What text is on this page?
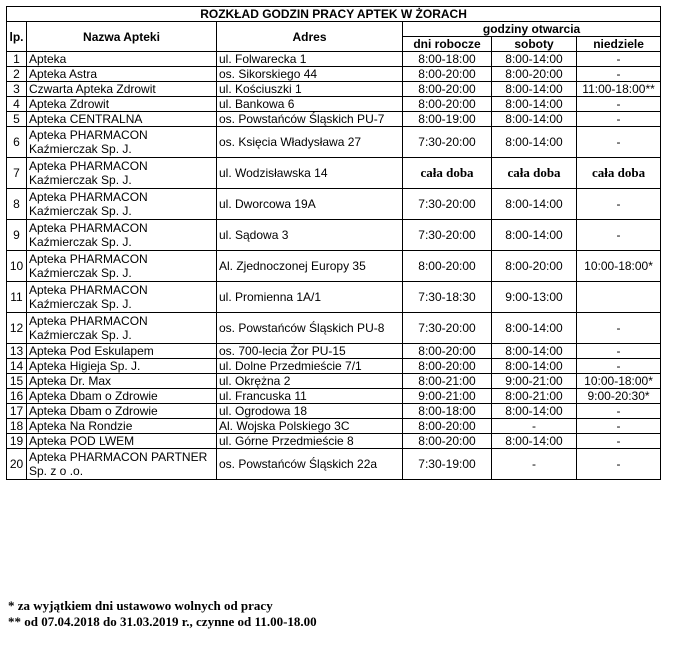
ROZKŁAD GODZIN PRACY APTEK W ŻORACH					
lp.	Nazwa Apteki	Adres	godziny otwarcia		
			dni robocze	soboty	niedziele
1	Apteka	ul. Folwarecka 1	8:00-18:00	8:00-14:00	-
2	Apteka Astra	os. Sikorskiego 44	8:00-20:00	8:00-20:00	-
3	Czwarta Apteka Zdrowit	ul. Kościuszki 1	8:00-20:00	8:00-14:00	11:00-18:00**
4	Apteka Zdrowit	ul. Bankowa 6	8:00-20:00	8:00-14:00	-
5	Apteka CENTRALNA	os. Powstańców Śląskich PU-7	8:00-19:00	8:00-14:00	-
6	Apteka PHARMACON
Kaźmierczak Sp. J.	os. Księcia Władysława 27	7:30-20:00	8:00-14:00	-
7	Apteka PHARMACON
Kaźmierczak Sp. J.	ul. Wodzisławska 14	cała doba	cała doba	cała doba
8	Apteka PHARMACON
Kaźmierczak Sp. J.	ul. Dworcowa 19A	7:30-20:00	8:00-14:00	-
9	Apteka PHARMACON
Kaźmierczak Sp. J.	ul. Sądowa 3	7:30-20:00	8:00-14:00	-
10	Apteka PHARMACON
Kaźmierczak Sp. J.	Al. Zjednoczonej Europy 35	8:00-20:00	8:00-20:00	10:00-18:00*
11	Apteka PHARMACON
Kaźmierczak Sp. J.	ul. Promienna 1A/1	7:30-18:30	9:00-13:00	
12	Apteka PHARMACON
Kaźmierczak Sp. J.	os. Powstańców Śląskich PU-8	7:30-20:00	8:00-14:00	-
13	Apteka Pod Eskulapem	os. 700-lecia Żor PU-15	8:00-20:00	8:00-14:00	-
14	Apteka Higieja Sp. J.	ul. Dolne Przedmieście 7/1	8:00-20:00	8:00-14:00	-
15	Apteka Dr. Max	ul. Okrężna 2	8:00-21:00	9:00-21:00	10:00-18:00*
16	Apteka Dbam o Zdrowie	ul. Francuska 11	9:00-21:00	8:00-21:00	9:00-20:30*
17	Apteka Dbam o Zdrowie	ul. Ogrodowa 18	8:00-18:00	8:00-14:00	-
18	Apteka Na Rondzie	Al. Wojska Polskiego 3C	8:00-20:00	-	-
19	Apteka POD LWEM	ul. Górne Przedmieście 8	8:00-20:00	8:00-14:00	-
20	Apteka PHARMACON PARTNER
Sp. z o .o.	os. Powstańców Śląskich 22a	7:30-19:00	-	-
* za wyjątkiem dni ustawowo wolnych od pracy
** od 07.04.2018 do 31.03.2019 r., czynne od 11.00-18.00
